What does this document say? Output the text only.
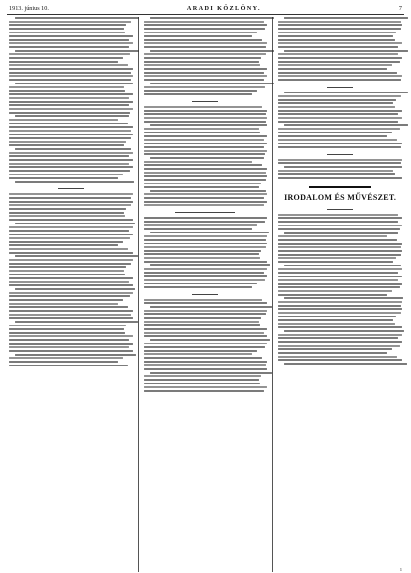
1913. június 10.	ARADI KÖZLÖNY.	7
IRODALOM ÉS MŰVÉSZET.
1
